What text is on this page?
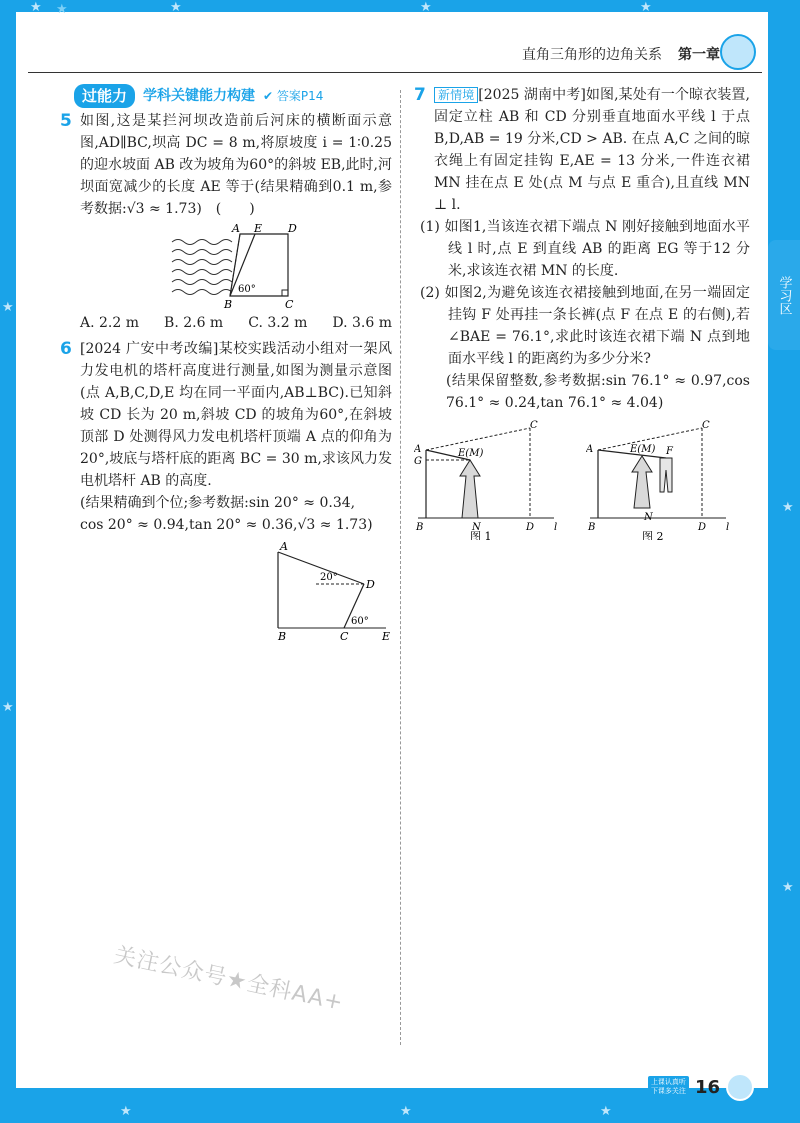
★
★	★	★	★
★
★
★
★
★	★	★
直角三角形的边角关系 第一章
学习区
过能力	学科关键能力构建 ✔ 答案P14
5 如图,这是某拦河坝改造前后河床的横断面示意图,AD∥BC,坝高 DC = 8 m,将原坡度 i = 1∶0.25 的迎水坡面 AB 改为坡角为60°的斜坡 EB,此时,河坝面宽减少的长度 AE 等于(结果精确到0.1 m,参考数据:√3 ≈ 1.73)　(　　)
A E D
B	C
60°
A. 2.2 m B. 2.6 m C. 3.2 m D. 3.6 m
6 [2024 广安中考改编]某校实践活动小组对一架风力发电机的塔杆高度进行测量,如图为测量示意图(点 A,B,C,D,E 均在同一平面内,AB⊥BC).已知斜坡 CD 长为 20 m,斜坡 CD 的坡角为60°,在斜坡顶部 D 处测得风力发电机塔杆顶端 A 点的仰角为20°,坡底与塔杆底的距离 BC = 30 m,求该风力发电机塔杆 AB 的高度.
(结果精确到个位;参考数据:sin 20° ≈ 0.34,
cos 20° ≈ 0.94,tan 20° ≈ 0.36,√3 ≈ 1.73)
A
D
B	C	E
20°
60°
7 新情境 [2025 湖南中考]如图,某处有一个晾衣装置,固定立柱 AB 和 CD 分别垂直地面水平线 l 于点 B,D,AB = 19 分米,CD > AB. 在点 A,C 之间的晾衣绳上有固定挂钩 E,AE = 13 分米,一件连衣裙 MN 挂在点 E 处(点 M 与点 E 重合),且直线 MN ⊥ l.
(1) 如图1,当该连衣裙下端点 N 刚好接触到地面水平线 l 时,点 E 到直线 AB 的距离 EG 等于12 分米,求该连衣裙 MN 的长度.
(2) 如图2,为避免该连衣裙接触到地面,在另一端固定挂钩 F 处再挂一条长裤(点 F 在点 E 的右侧),若∠BAE = 76.1°,求此时该连衣裙下端 N 点到地面水平线 l 的距离约为多少分米?
(结果保留整数,参考数据:sin 76.1° ≈ 0.97,cos 76.1° ≈ 0.24,tan 76.1° ≈ 4.04)
A
G
E(M)
C
B	N	D l
图 1
A	E(M) F
C
B
N
D l
图 2
关注公众号★全科AA+
上课认真听
下课多关注 16
